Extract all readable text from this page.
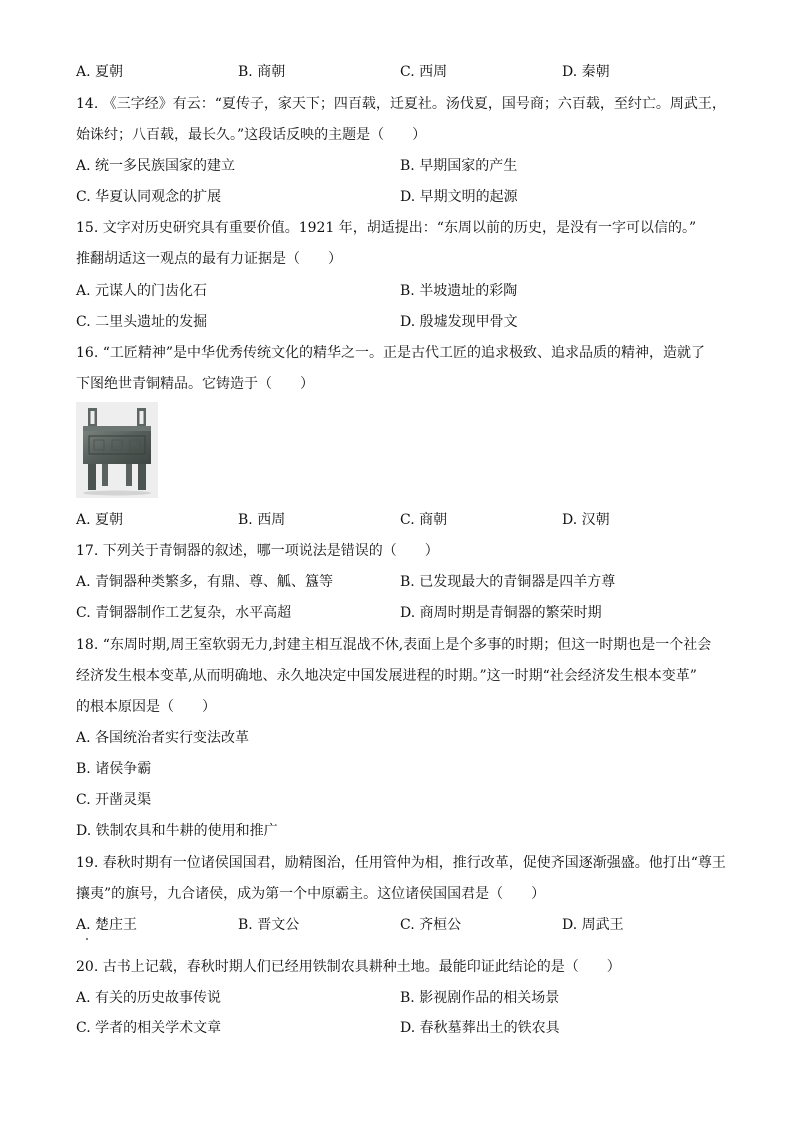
A. 夏朝	B. 商朝	C. 西周	D. 秦朝
14. 《三字经》有云：“夏传子，家天下；四百载，迁夏社。汤伐夏，国号商；六百载，至纣亡。周武王，
始诛纣；八百载，最长久。”这段话反映的主题是（　　）
A. 统一多民族国家的建立	B. 早期国家的产生
C. 华夏认同观念的扩展	D. 早期文明的起源
15. 文字对历史研究具有重要价值。1921 年，胡适提出：“东周以前的历史，是没有一字可以信的。”
推翻胡适这一观点的最有力证据是（　　）
A. 元谋人的门齿化石	B. 半坡遗址的彩陶
C. 二里头遗址的发掘	D. 殷墟发现甲骨文
16. “工匠精神”是中华优秀传统文化的精华之一。正是古代工匠的追求极致、追求品质的精神，造就了
下图绝世青铜精品。它铸造于（　　）
A. 夏朝	B. 西周	C. 商朝	D. 汉朝
17. 下列关于青铜器的叙述，哪一项说法是错误的（　　）
A. 青铜器种类繁多，有鼎、尊、觚、簋等	B. 已发现最大的青铜器是四羊方尊
C. 青铜器制作工艺复杂，水平高超	D. 商周时期是青铜器的繁荣时期
18. “东周时期,周王室软弱无力,封建主相互混战不休,表面上是个多事的时期；但这一时期也是一个社会
经济发生根本变革,从而明确地、永久地决定中国发展进程的时期。”这一时期“社会经济发生根本变革”
的根本原因是（　　）
A. 各国统治者实行变法改革
B. 诸侯争霸
C. 开凿灵渠
D. 铁制农具和牛耕的使用和推广
19. 春秋时期有一位诸侯国国君，励精图治，任用管仲为相，推行改革，促使齐国逐渐强盛。他打出“尊王
攘夷”的旗号，九合诸侯，成为第一个中原霸主。这位诸侯国国君是（　　）
A. 楚庄王	B. 晋文公	C. 齐桓公	D. 周武王
20. 古书上记载，春秋时期人们已经用铁制农具耕种土地。最能印证此结论的是（　　）
A. 有关的历史故事传说	B. 影视剧作品的相关场景
C. 学者的相关学术文章	D. 春秋墓葬出土的铁农具
